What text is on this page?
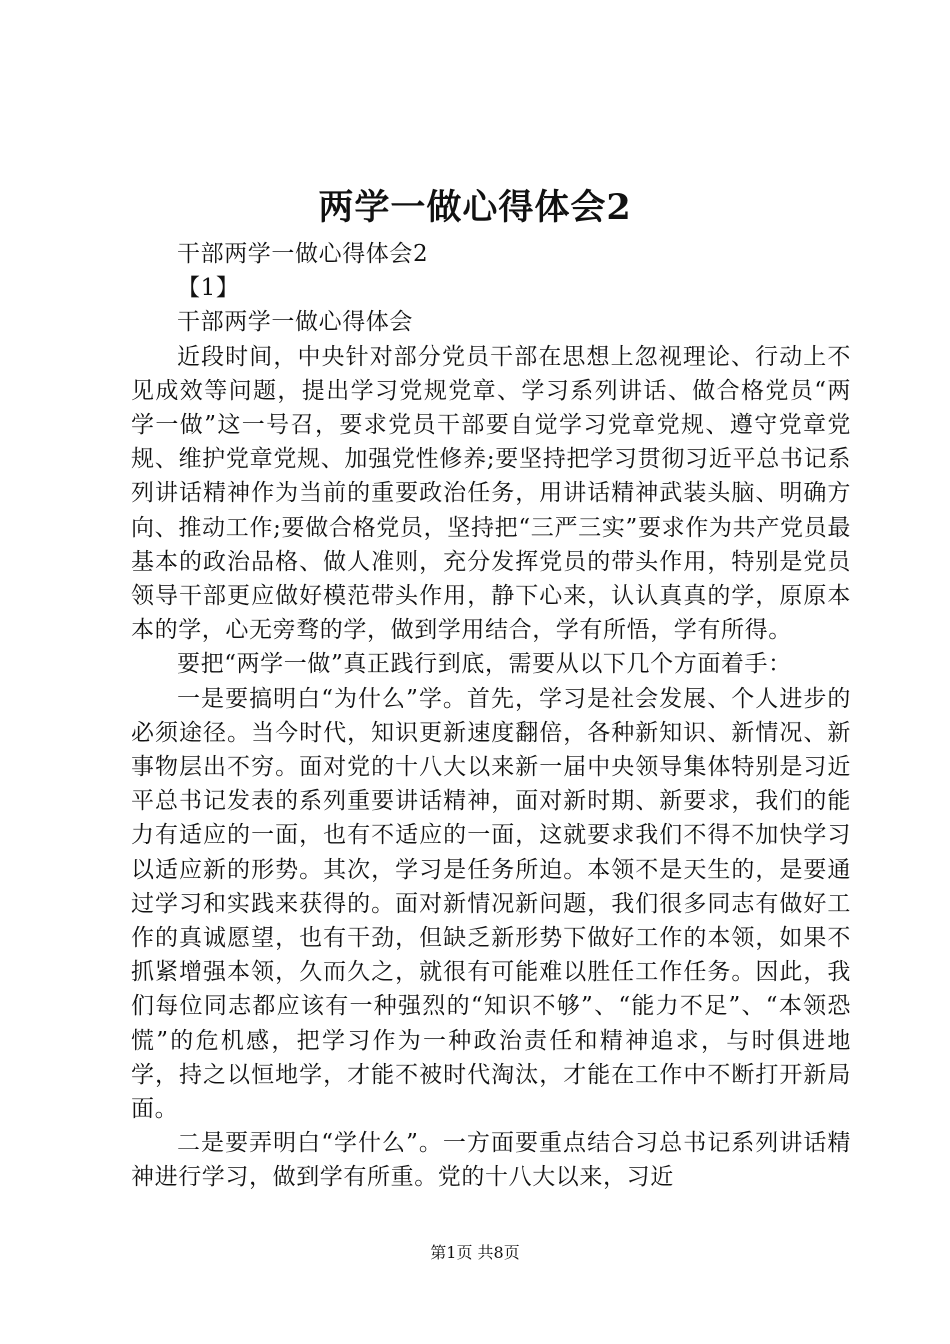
两学一做心得体会2

干部两学一做心得体会2

【1】

干部两学一做心得体会

近段时间，中央针对部分党员干部在思想上忽视理论、行动上不见成效等问题，提出学习党规党章、学习系列讲话、做合格党员“两学一做”这一号召，要求党员干部要自觉学习党章党规、遵守党章党规、维护党章党规、加强党性修养;要坚持把学习贯彻习近平总书记系列讲话精神作为当前的重要政治任务，用讲话精神武装头脑、明确方向、推动工作;要做合格党员，坚持把“三严三实”要求作为共产党员最基本的政治品格、做人准则，充分发挥党员的带头作用，特别是党员领导干部更应做好模范带头作用，静下心来，认认真真的学，原原本本的学，心无旁骛的学，做到学用结合，学有所悟，学有所得。

要把“两学一做”真正践行到底，需要从以下几个方面着手：

一是要搞明白“为什么”学。首先，学习是社会发展、个人进步的必须途径。当今时代，知识更新速度翻倍，各种新知识、新情况、新事物层出不穷。面对党的十八大以来新一届中央领导集体特别是习近平总书记发表的系列重要讲话精神，面对新时期、新要求，我们的能力有适应的一面，也有不适应的一面，这就要求我们不得不加快学习以适应新的形势。其次，学习是任务所迫。本领不是天生的，是要通过学习和实践来获得的。面对新情况新问题，我们很多同志有做好工作的真诚愿望，也有干劲，但缺乏新形势下做好工作的本领，如果不抓紧增强本领，久而久之，就很有可能难以胜任工作任务。因此，我们每位同志都应该有一种强烈的“知识不够”、“能力不足”、“本领恐慌”的危机感，把学习作为一种政治责任和精神追求，与时俱进地学，持之以恒地学，才能不被时代淘汰，才能在工作中不断打开新局面。

二是要弄明白“学什么”。一方面要重点结合习总书记系列讲话精神进行学习，做到学有所重。党的十八大以来，习近

第1页 共8页
